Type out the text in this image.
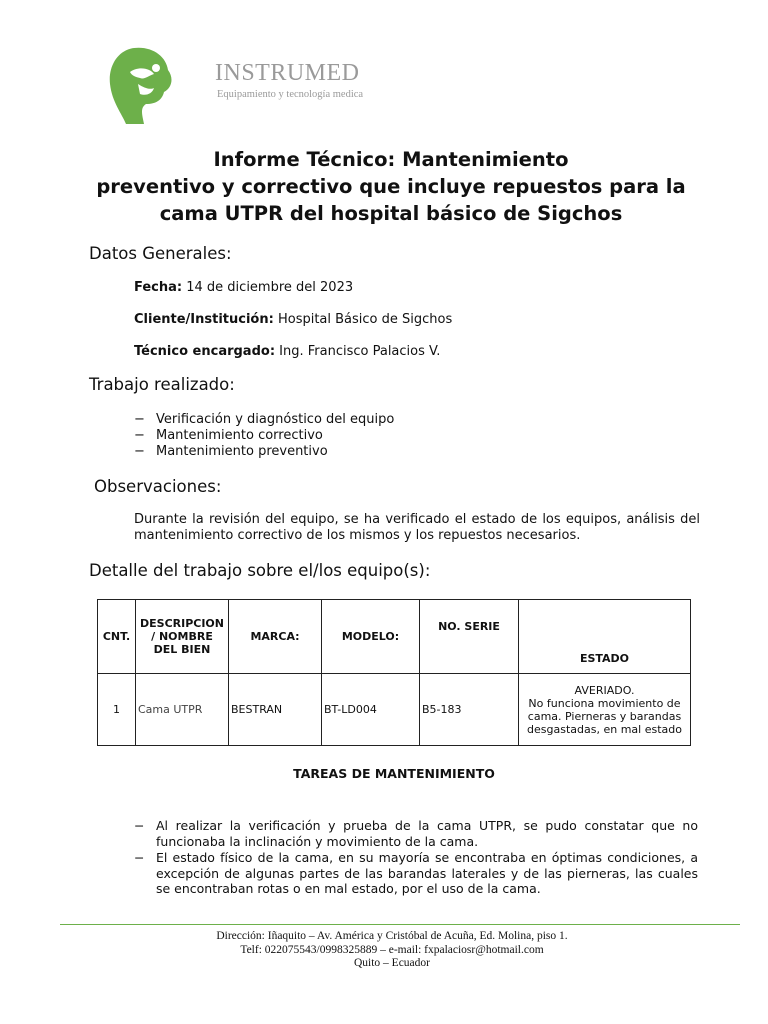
INSTRUMED
Equipamiento y tecnología medica
Informe Técnico: Mantenimiento
preventivo y correctivo que incluye repuestos para la
cama UTPR del hospital básico de Sigchos
Datos Generales:
Fecha: 14 de diciembre del 2023
Cliente/Institución: Hospital Básico de Sigchos
Técnico encargado: Ing. Francisco Palacios V.
Trabajo realizado:
− Verificación y diagnóstico del equipo
− Mantenimiento correctivo
− Mantenimiento preventivo
Observaciones:
Durante la revisión del equipo, se ha verificado el estado de los equipos, análisis del mantenimiento correctivo de los mismos y los repuestos necesarios.
Detalle del trabajo sobre el/los equipo(s):
CNT.	DESCRIPCION / NOMBRE DEL BIEN	MARCA:	MODELO:	NO. SERIE	ESTADO
1	Cama UTPR	BESTRAN	BT-LD004	B5-183	AVERIADO.
No funciona movimiento de cama. Pierneras y barandas desgastadas, en mal estado
TAREAS DE MANTENIMIENTO
− Al realizar la verificación y prueba de la cama UTPR, se pudo constatar que no funcionaba la inclinación y movimiento de la cama.
− El estado físico de la cama, en su mayoría se encontraba en óptimas condiciones, a excepción de algunas partes de las barandas laterales y de las pierneras, las cuales se encontraban rotas o en mal estado, por el uso de la cama.
Dirección: Iñaquito – Av. América y Cristóbal de Acuña, Ed. Molina, piso 1.
Telf: 022075543/0998325889 – e-mail: fxpalaciosr@hotmail.com
Quito – Ecuador
